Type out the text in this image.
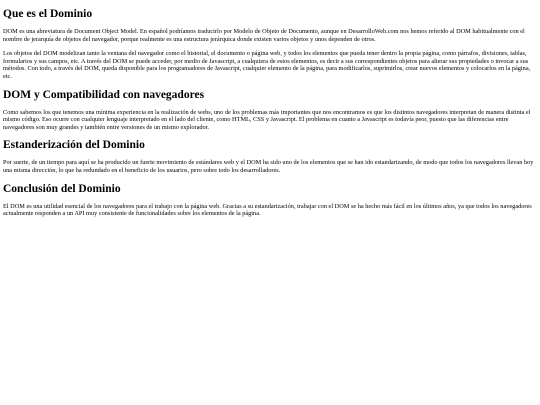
Que es el Dominio

DOM es una abreviatura de Document Object Model. En español podríamos traducirlo por Modelo de Objeto de Documento, aunque en DesarrolloWeb.com nos hemos referido al DOM habitualmente con el nombre de jerarquía de objetos del navegador, porque realmente es una estructura jerárquica donde existen varios objetos y unos dependen de otros.

Los objetos del DOM modelizan tanto la ventana del navegador como el historial, el documento o página web, y todos los elementos que pueda tener dentro la propia página, como párrafos, divisiones, tablas, formularios y sus campos, etc. A través del DOM se puede acceder, por medio de Javascript, a cualquiera de estos elementos, es decir a sus correspondientes objetos para alterar sus propiedades o invocar a sus métodos. Con todo, a través del DOM, queda disponible para los programadores de Javascript, cualquier elemento de la página, para modificarlos, suprimirlos, crear nuevos elementos y colocarlos en la página, etc.

DOM y Compatibilidad con navegadores

Como sabemos los que tenemos una mínima experiencia en la realización de webs, uno de los problemas más importantes que nos encontramos es que los distintos navegadores interpretan de manera distinta el mismo código. Eso ocurre con cualquier lenguaje interpretado en el lado del cliente, como HTML, CSS y Javascript. El problema en cuanto a Javascript es todavía peor, puesto que las diferencias entre navegadores son muy grandes y también entre versiones de un mismo explorador.

Estanderización del Dominio

Por suerte, de un tiempo para aquí se ha producido un fuerte movimiento de estándares web y el DOM ha sido uno de los elementos que se han ido estandarizando, de modo que todos los navegadores llevan hoy una misma dirección, lo que ha redundado en el beneficio de los usuarios, pero sobre todo los desarrolladores.

Conclusión del Dominio

El DOM es una utilidad esencial de los navegadores para el trabajo con la página web. Gracias a su estandarización, trabajar con el DOM se ha hecho más fácil en los últimos años, ya que todos los navegadores actualmente responden a un API muy consistente de funcionalidades sobre los elementos de la página.
